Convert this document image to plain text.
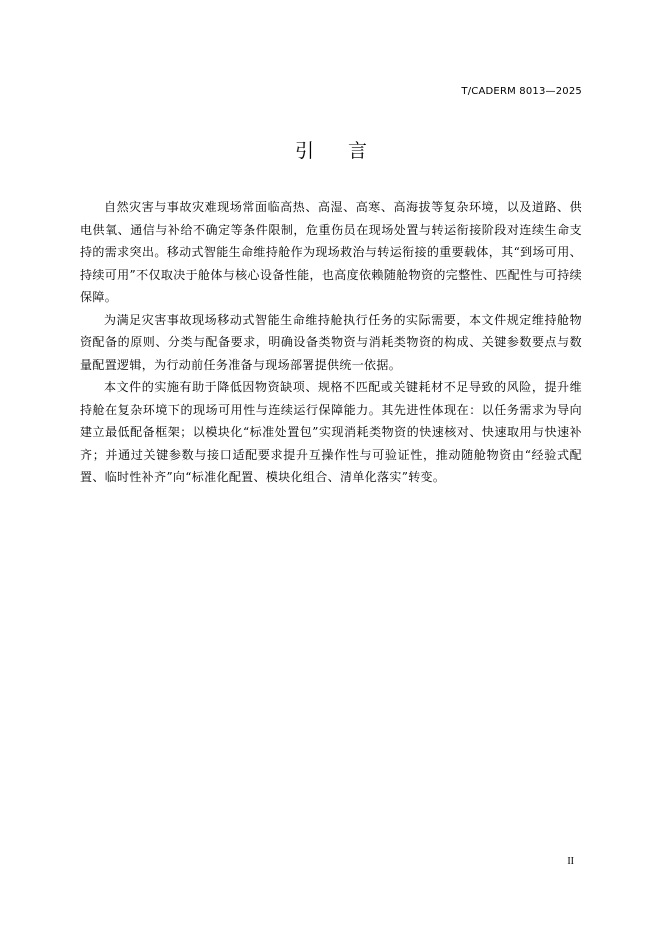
T/CADERM 8013—2025
引 言

自然灾害与事故灾难现场常面临高热、高湿、高寒、高海拔等复杂环境，以及道路、供电供氧、通信与补给不确定等条件限制，危重伤员在现场处置与转运衔接阶段对连续生命支持的需求突出。移动式智能生命维持舱作为现场救治与转运衔接的重要载体，其“到场可用、持续可用”不仅取决于舱体与核心设备性能，也高度依赖随舱物资的完整性、匹配性与可持续保障。

为满足灾害事故现场移动式智能生命维持舱执行任务的实际需要，本文件规定维持舱物资配备的原则、分类与配备要求，明确设备类物资与消耗类物资的构成、关键参数要点与数量配置逻辑，为行动前任务准备与现场部署提供统一依据。

本文件的实施有助于降低因物资缺项、规格不匹配或关键耗材不足导致的风险，提升维持舱在复杂环境下的现场可用性与连续运行保障能力。其先进性体现在：以任务需求为导向建立最低配备框架；以模块化“标准处置包”实现消耗类物资的快速核对、快速取用与快速补齐；并通过关键参数与接口适配要求提升互操作性与可验证性，推动随舱物资由“经验式配置、临时性补齐”向“标准化配置、模块化组合、清单化落实”转变。

II
